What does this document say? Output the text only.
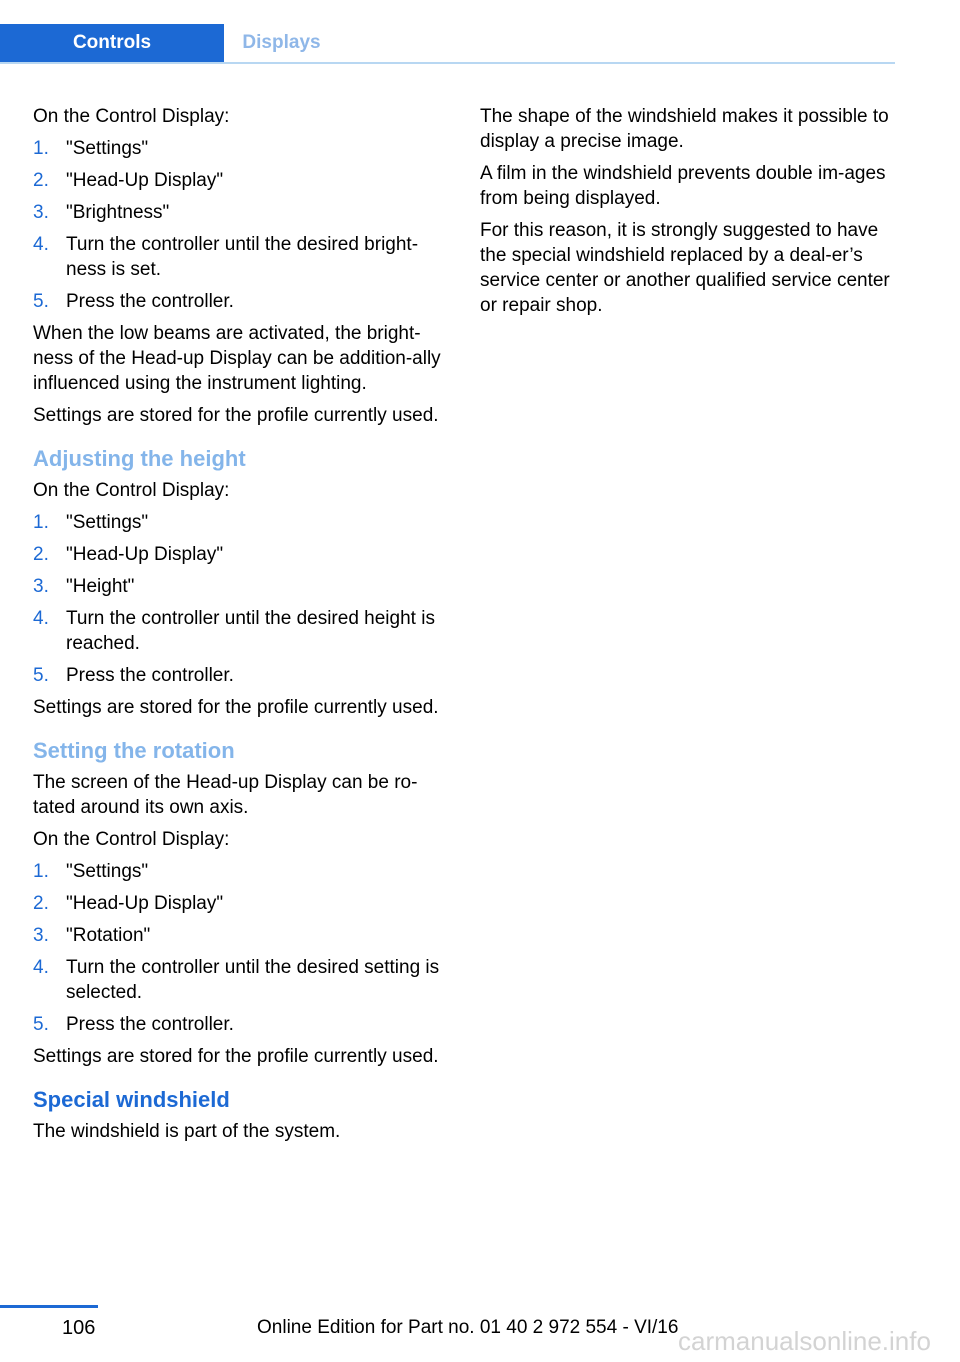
Controls	Displays

On the Control Display:

1. "Settings"
2. "Head-Up Display"
3. "Brightness"
4. Turn the controller until the desired bright-ness is set.
5. Press the controller.

When the low beams are activated, the bright-ness of the Head-up Display can be addition-ally influenced using the instrument lighting.

Settings are stored for the profile currently used.

Adjusting the height

On the Control Display:

1. "Settings"
2. "Head-Up Display"
3. "Height"
4. Turn the controller until the desired height is reached.
5. Press the controller.

Settings are stored for the profile currently used.

Setting the rotation

The screen of the Head-up Display can be ro-tated around its own axis.

On the Control Display:

1. "Settings"
2. "Head-Up Display"
3. "Rotation"
4. Turn the controller until the desired setting is selected.
5. Press the controller.

Settings are stored for the profile currently used.

Special windshield

The windshield is part of the system.

The shape of the windshield makes it possible to display a precise image.

A film in the windshield prevents double im-ages from being displayed.

For this reason, it is strongly suggested to have the special windshield replaced by a deal-er’s service center or another qualified service center or repair shop.

106	Online Edition for Part no. 01 40 2 972 554 - VI/16 carmanualsonline.info
